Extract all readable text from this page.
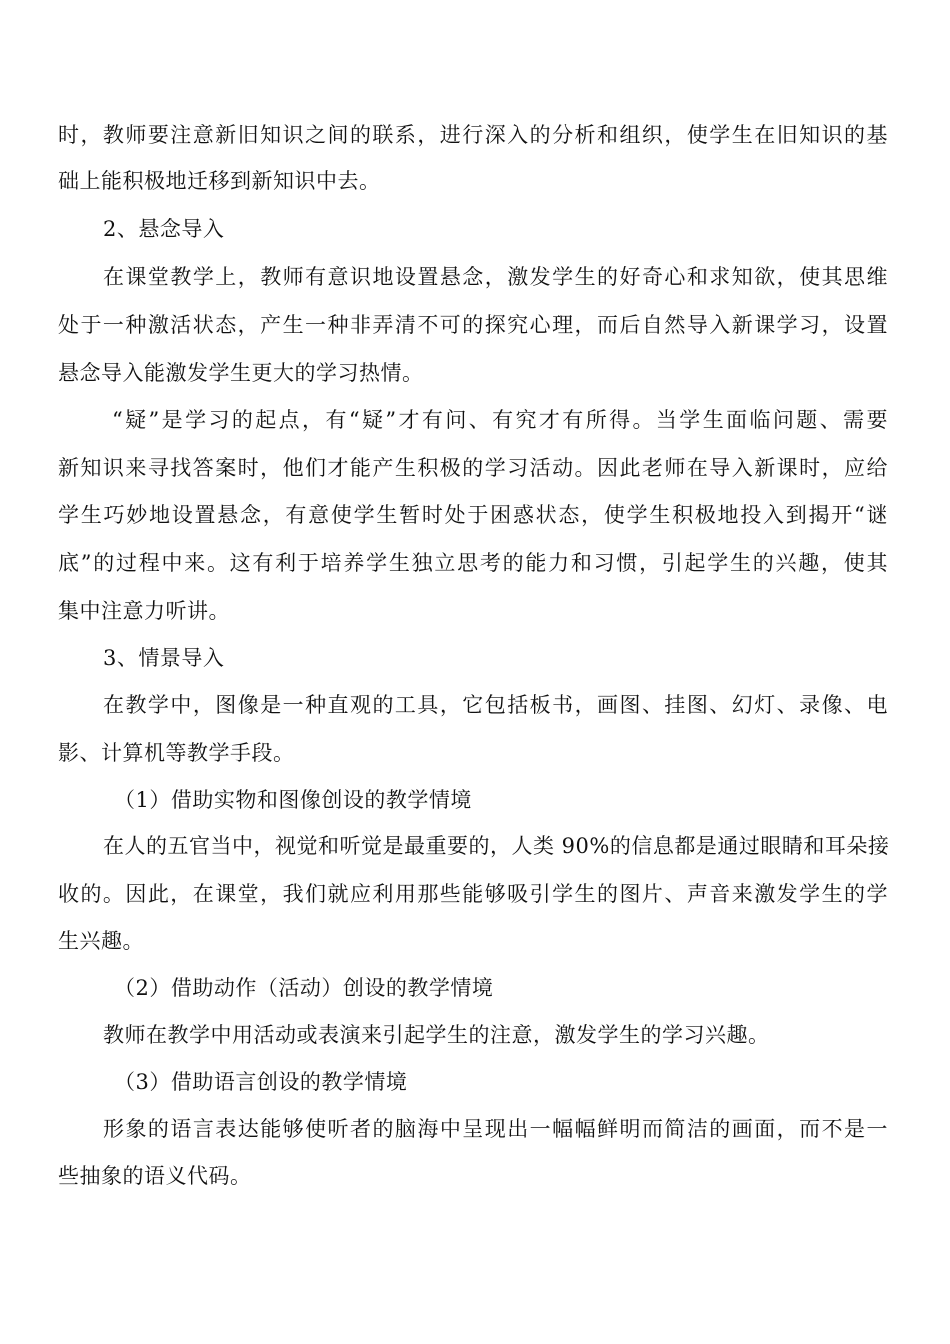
时，教师要注意新旧知识之间的联系，进行深入的分析和组织，使学生在旧知识的基
础上能积极地迁移到新知识中去。
2、悬念导入
在课堂教学上，教师有意识地设置悬念，激发学生的好奇心和求知欲，使其思维
处于一种激活状态，产生一种非弄清不可的探究心理，而后自然导入新课学习，设置
悬念导入能激发学生更大的学习热情。
“疑”是学习的起点，有“疑”才有问、有究才有所得。当学生面临问题、需要
新知识来寻找答案时，他们才能产生积极的学习活动。因此老师在导入新课时，应给
学生巧妙地设置悬念，有意使学生暂时处于困惑状态，使学生积极地投入到揭开“谜
底”的过程中来。这有利于培养学生独立思考的能力和习惯，引起学生的兴趣，使其
集中注意力听讲。
3、情景导入
在教学中，图像是一种直观的工具，它包括板书，画图、挂图、幻灯、录像、电
影、计算机等教学手段。
（1）借助实物和图像创设的教学情境
在人的五官当中，视觉和听觉是最重要的，人类 90%的信息都是通过眼睛和耳朵接
收的。因此，在课堂，我们就应利用那些能够吸引学生的图片、声音来激发学生的学
生兴趣。
（2）借助动作（活动）创设的教学情境
教师在教学中用活动或表演来引起学生的注意，激发学生的学习兴趣。
（3）借助语言创设的教学情境
形象的语言表达能够使听者的脑海中呈现出一幅幅鲜明而简洁的画面，而不是一
些抽象的语义代码。
